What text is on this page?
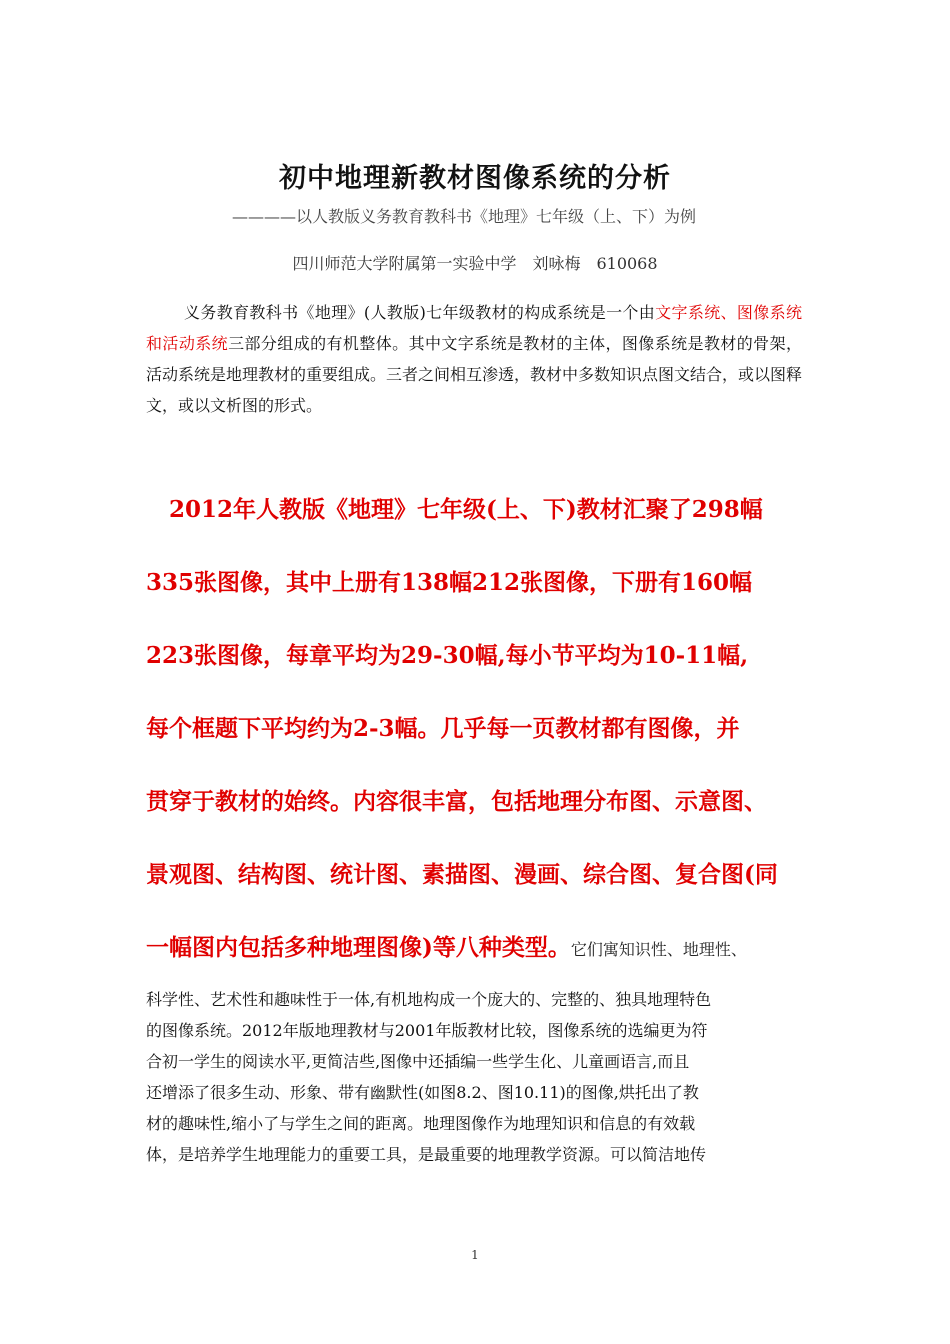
初中地理新教材图像系统的分析
————以人教版义务教育教科书《地理》七年级（上、下）为例
四川师范大学附属第一实验中学　刘咏梅　610068
义务教育教科书《地理》(人教版)七年级教材的构成系统是一个由文字系统、图像系统和活动系统三部分组成的有机整体。其中文字系统是教材的主体，图像系统是教材的骨架，活动系统是地理教材的重要组成。三者之间相互渗透，教材中多数知识点图文结合，或以图释文，或以文析图的形式。
　2012年人教版《地理》七年级(上、下)教材汇聚了298幅
335张图像，其中上册有138幅212张图像，下册有160幅
223张图像，每章平均为29-30幅,每小节平均为10-11幅,
每个框题下平均约为2-3幅。几乎每一页教材都有图像，并
贯穿于教材的始终。内容很丰富，包括地理分布图、示意图、
景观图、结构图、统计图、素描图、漫画、综合图、复合图(同
一幅图内包括多种地理图像)等八种类型。它们寓知识性、地理性、
科学性、艺术性和趣味性于一体,有机地构成一个庞大的、完整的、独具地理特色
的图像系统。2012年版地理教材与2001年版教材比较，图像系统的选编更为符
合初一学生的阅读水平,更简洁些,图像中还插编一些学生化、儿童画语言,而且
还增添了很多生动、形象、带有幽默性(如图8.2、图10.11)的图像,烘托出了教
材的趣味性,缩小了与学生之间的距离。地理图像作为地理知识和信息的有效载
体，是培养学生地理能力的重要工具，是最重要的地理教学资源。可以简洁地传
1
